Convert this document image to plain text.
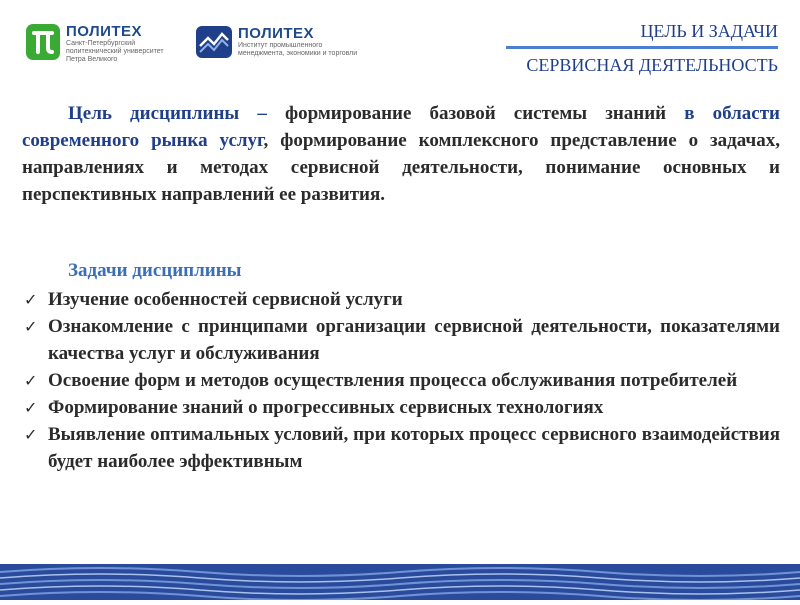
ПОЛИТЕХ
Санкт-Петербургский
политехнический университет
Петра Великого
ПОЛИТЕХ
Институт промышленного
менеджмента, экономики и торговли
ЦЕЛЬ И ЗАДАЧИ
СЕРВИСНАЯ ДЕЯТЕЛЬНОСТЬ
Цель дисциплины – формирование базовой системы знаний в области современного рынка услуг, формирование комплексного представление о задачах, направлениях и методах сервисной деятельности, понимание основных и перспективных направлений ее развития.
Задачи дисциплины
✓ Изучение особенностей сервисной услуги
✓ Ознакомление с принципами организации сервисной деятельности, показателями качества услуг и обслуживания
✓ Освоение форм и методов осуществления процесса обслуживания потребителей
✓ Формирование знаний о прогрессивных сервисных технологиях
✓ Выявление оптимальных условий, при которых процесс сервисного взаимодействия будет наиболее эффективным
